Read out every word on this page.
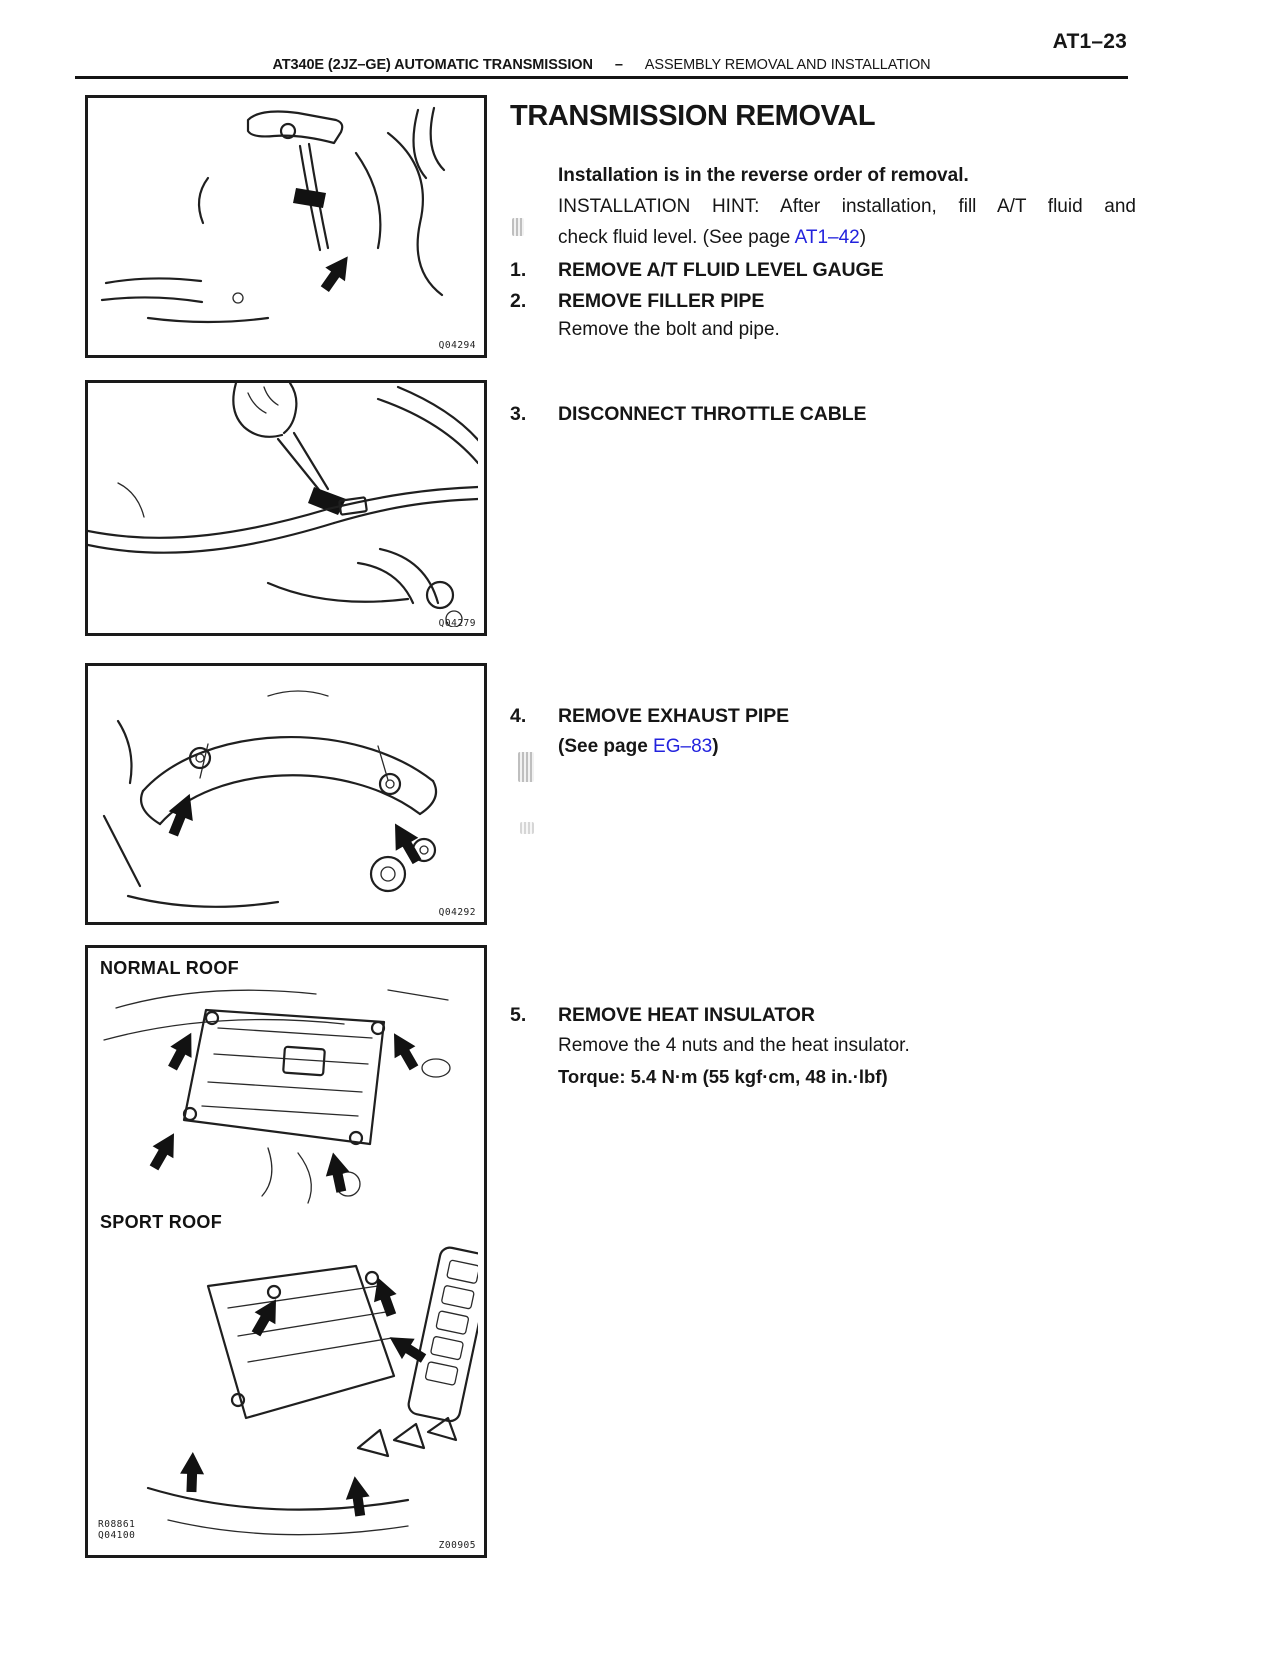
AT1–23
AT340E (2JZ–GE) AUTOMATIC TRANSMISSION – ASSEMBLY REMOVAL AND INSTALLATION
TRANSMISSION REMOVAL
Installation is in the reverse order of removal.
INSTALLATION HINT: After installation, fill A/T fluid and
check fluid level. (See page AT1–42)
1.	REMOVE A/T FLUID LEVEL GAUGE
2.	REMOVE FILLER PIPE
Remove the bolt and pipe.
3.	DISCONNECT THROTTLE CABLE
4.	REMOVE EXHAUST PIPE
(See page EG–83)
5.	REMOVE HEAT INSULATOR
Remove the 4 nuts and the heat insulator.
Torque: 5.4 N·m (55 kgf·cm, 48 in.·lbf)
Q04294
Q04279
Q04292
NORMAL ROOF
SPORT ROOF
R08861
Q04100
Z00905
